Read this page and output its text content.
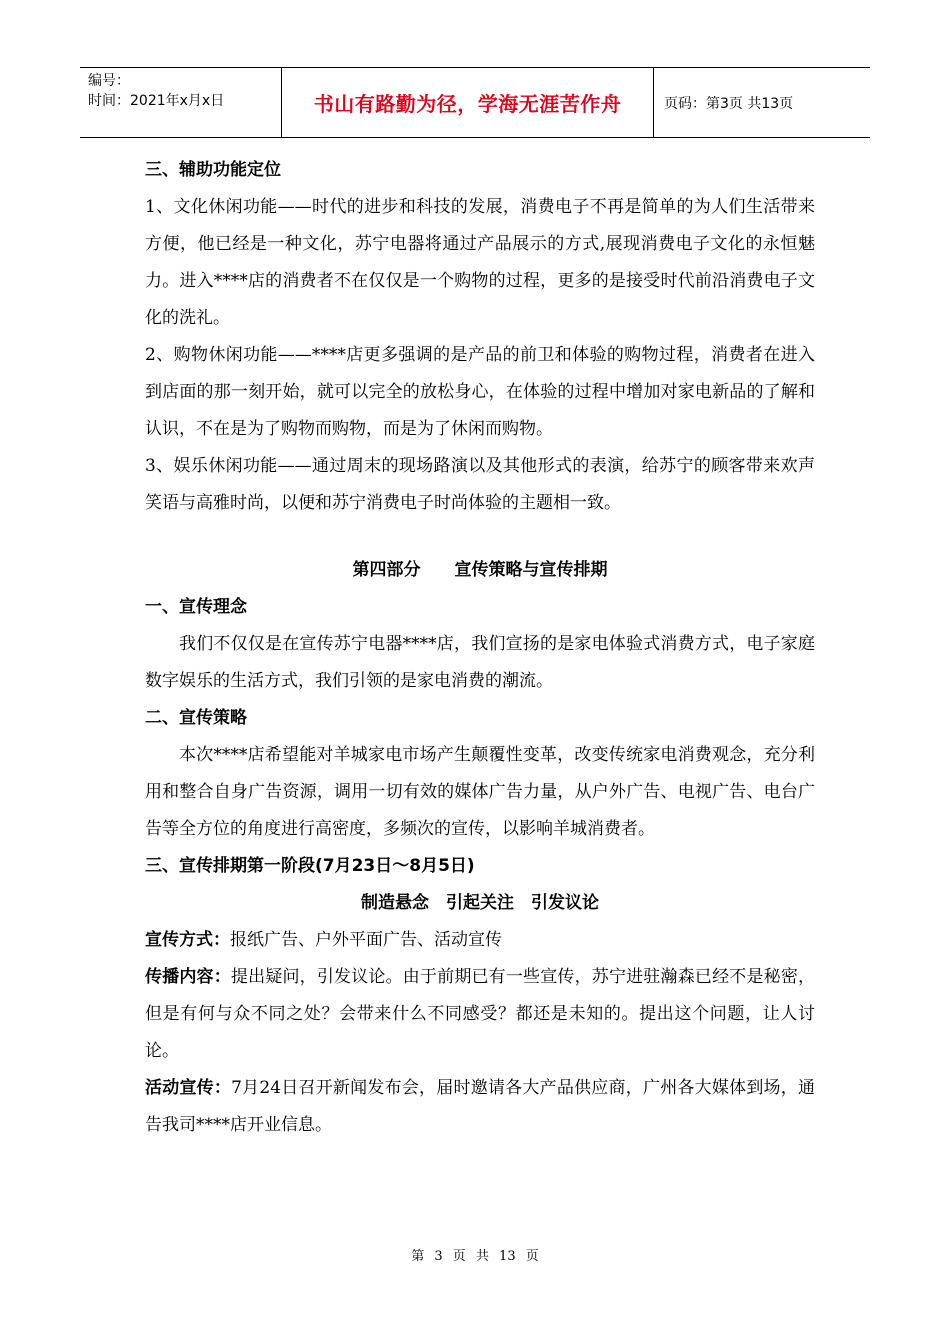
编号：
时间：2021年x月x日	书山有路勤为径，学海无涯苦作舟	页码：第3页 共13页
三、辅助功能定位
1、文化休闲功能——时代的进步和科技的发展，消费电子不再是简单的为人们生活带来方便，他已经是一种文化，苏宁电器将通过产品展示的方式,展现消费电子文化的永恒魅力。进入****店的消费者不在仅仅是一个购物的过程，更多的是接受时代前沿消费电子文化的洗礼。
2、购物休闲功能——****店更多强调的是产品的前卫和体验的购物过程，消费者在进入到店面的那一刻开始，就可以完全的放松身心，在体验的过程中增加对家电新品的了解和认识，不在是为了购物而购物，而是为了休闲而购物。
3、娱乐休闲功能——通过周末的现场路演以及其他形式的表演，给苏宁的顾客带来欢声笑语与高雅时尚，以便和苏宁消费电子时尚体验的主题相一致。
第四部分　　宣传策略与宣传排期
一、宣传理念
我们不仅仅是在宣传苏宁电器****店，我们宣扬的是家电体验式消费方式，电子家庭数字娱乐的生活方式，我们引领的是家电消费的潮流。
二、宣传策略
本次****店希望能对羊城家电市场产生颠覆性变革，改变传统家电消费观念，充分利用和整合自身广告资源，调用一切有效的媒体广告力量，从户外广告、电视广告、电台广告等全方位的角度进行高密度，多频次的宣传，以影响羊城消费者。
三、宣传排期第一阶段(7月23日～8月5日)
制造悬念　引起关注　引发议论
宣传方式：报纸广告、户外平面广告、活动宣传
传播内容：提出疑问，引发议论。由于前期已有一些宣传，苏宁进驻瀚森已经不是秘密，但是有何与众不同之处？会带来什么不同感受？都还是未知的。提出这个问题，让人讨论。
活动宣传：7月24日召开新闻发布会，届时邀请各大产品供应商，广州各大媒体到场，通告我司****店开业信息。
第 3 页 共 13 页
